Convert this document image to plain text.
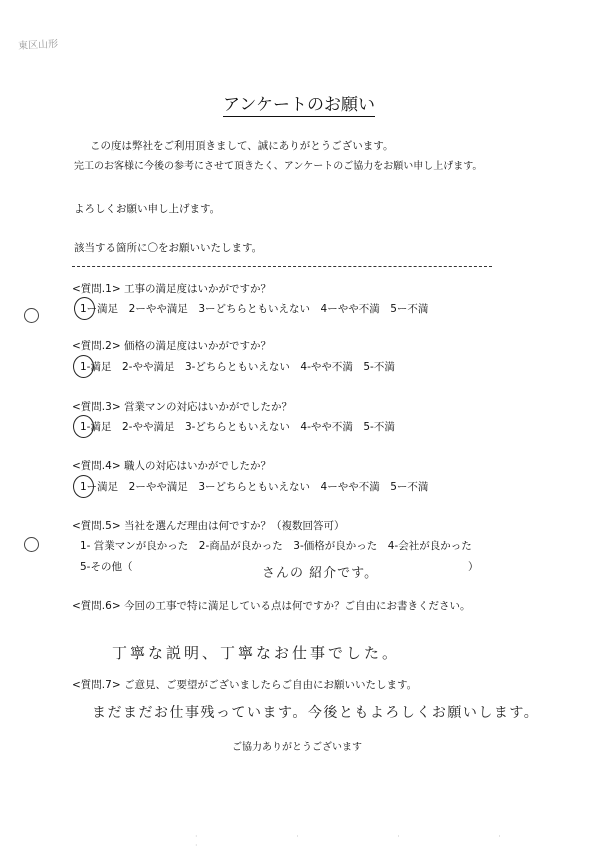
東区山形
アンケートのお願い
この度は弊社をご利用頂きまして、誠にありがとうございます。
完工のお客様に今後の参考にさせて頂きたく、アンケートのご協力をお願い申し上げます。
よろしくお願い申し上げます。
該当する箇所に〇をお願いいたします。
<質問.1> 工事の満足度はいかがですか？
1ー満足　2ーやや満足　3ーどちらともいえない　4ーやや不満　5ー不満
<質問.2> 価格の満足度はいかがですか？
1-満足　2-やや満足　3-どちらともいえない　4-やや不満　5-不満
<質問.3> 営業マンの対応はいかがでしたか？
1-満足　2-やや満足　3-どちらともいえない　4-やや不満　5-不満
<質問.4> 職人の対応はいかがでしたか？
1ー満足　2ーやや満足　3ーどちらともいえない　4ーやや不満　5ー不満
<質問.5> 当社を選んだ理由は何ですか？（複数回答可）
1- 営業マンが良かった　2-商品が良かった　3-価格が良かった　4-会社が良かった
5-その他（	）
さんの 紹介です。
<質問.6> 今回の工事で特に満足している点は何ですか？ご自由にお書きください。
丁寧な説明、丁寧なお仕事でした。
<質問.7> ご意見、ご要望がございましたらご自由にお願いいたします。
まだまだお仕事残っています。今後ともよろしくお願いします。
ご協力ありがとうございます
· · · · ·
